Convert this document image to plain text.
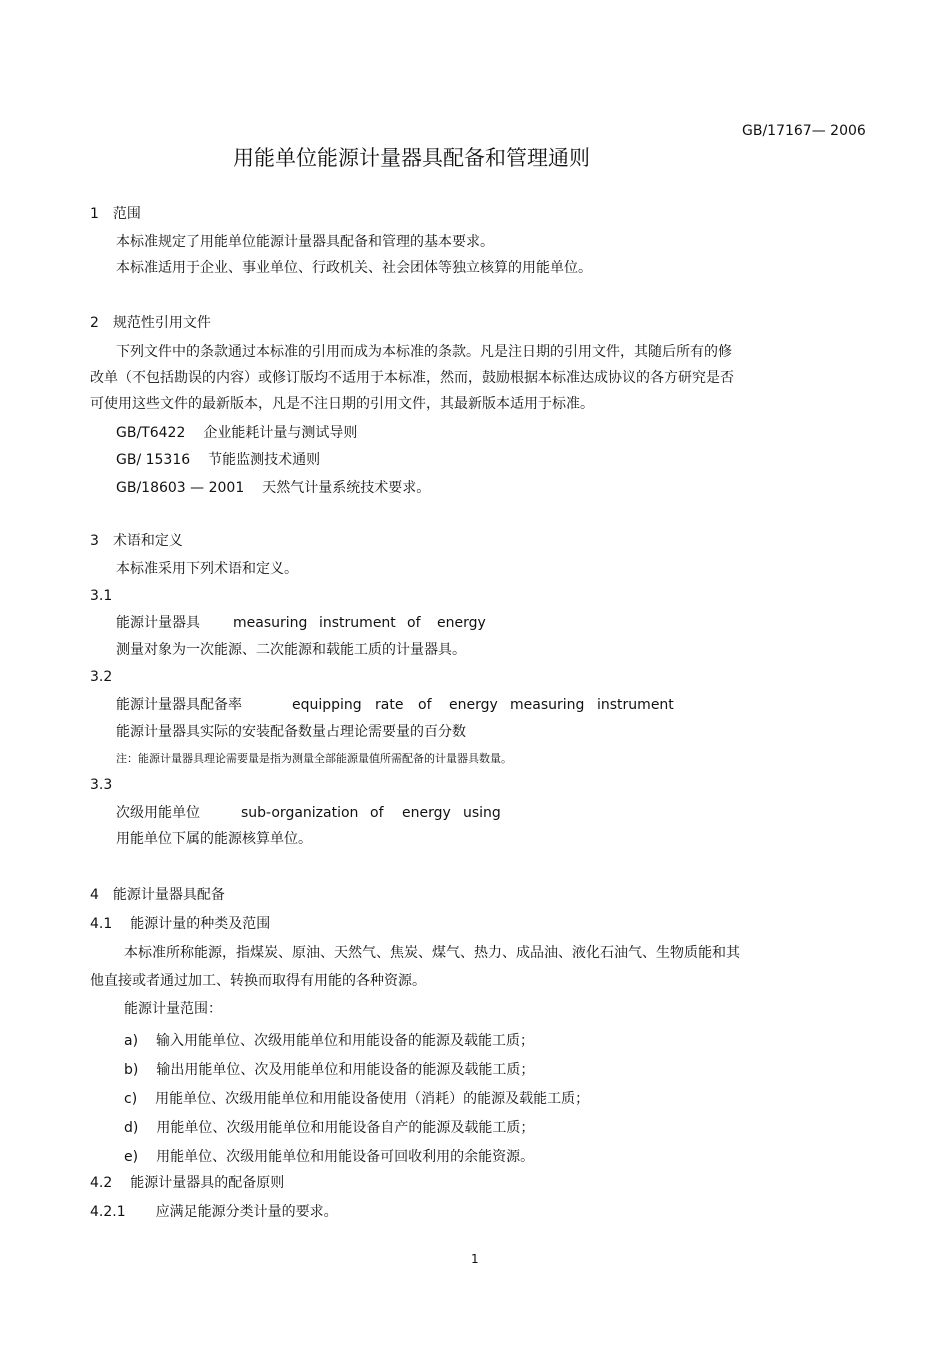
GB/17167— 2006
用能单位能源计量器具配备和管理通则
1 范围
本标准规定了用能单位能源计量器具配备和管理的基本要求。
本标准适用于企业、事业单位、行政机关、社会团体等独立核算的用能单位。
2 规范性引用文件
下列文件中的条款通过本标准的引用而成为本标准的条款。凡是注日期的引用文件，其随后所有的修
改单（不包括勘误的内容）或修订版均不适用于本标准，然而，鼓励根据本标准达成协议的各方研究是否
可使用这些文件的最新版本，凡是不注日期的引用文件，其最新版本适用于标准。
GB/T6422 企业能耗计量与测试导则
GB/ 15316 节能监测技术通则
GB/18603 — 2001 天然气计量系统技术要求。
3 术语和定义
本标准采用下列术语和定义。
3.1
能源计量器具 measuring instrument of energy
测量对象为一次能源、二次能源和载能工质的计量器具。
3.2
能源计量器具配备率	equipping rate of energy measuring instrument
能源计量器具实际的安装配备数量占理论需要量的百分数
注：能源计量器具理论需要量是指为测量全部能源量值所需配备的计量器具数量。
3.3
次级用能单位	sub-organization of energy using
用能单位下属的能源核算单位。
4 能源计量器具配备
4.1 能源计量的种类及范围
本标准所称能源，指煤炭、原油、天然气、焦炭、煤气、热力、成品油、液化石油气、生物质能和其
他直接或者通过加工、转换而取得有用能的各种资源。
能源计量范围：
a) 输入用能单位、次级用能单位和用能设备的能源及载能工质；
b) 输出用能单位、次及用能单位和用能设备的能源及载能工质；
c) 用能单位、次级用能单位和用能设备使用（消耗）的能源及载能工质；
d) 用能单位、次级用能单位和用能设备自产的能源及载能工质；
e) 用能单位、次级用能单位和用能设备可回收利用的余能资源。
4.2 能源计量器具的配备原则
4.2.1 应满足能源分类计量的要求。
1
